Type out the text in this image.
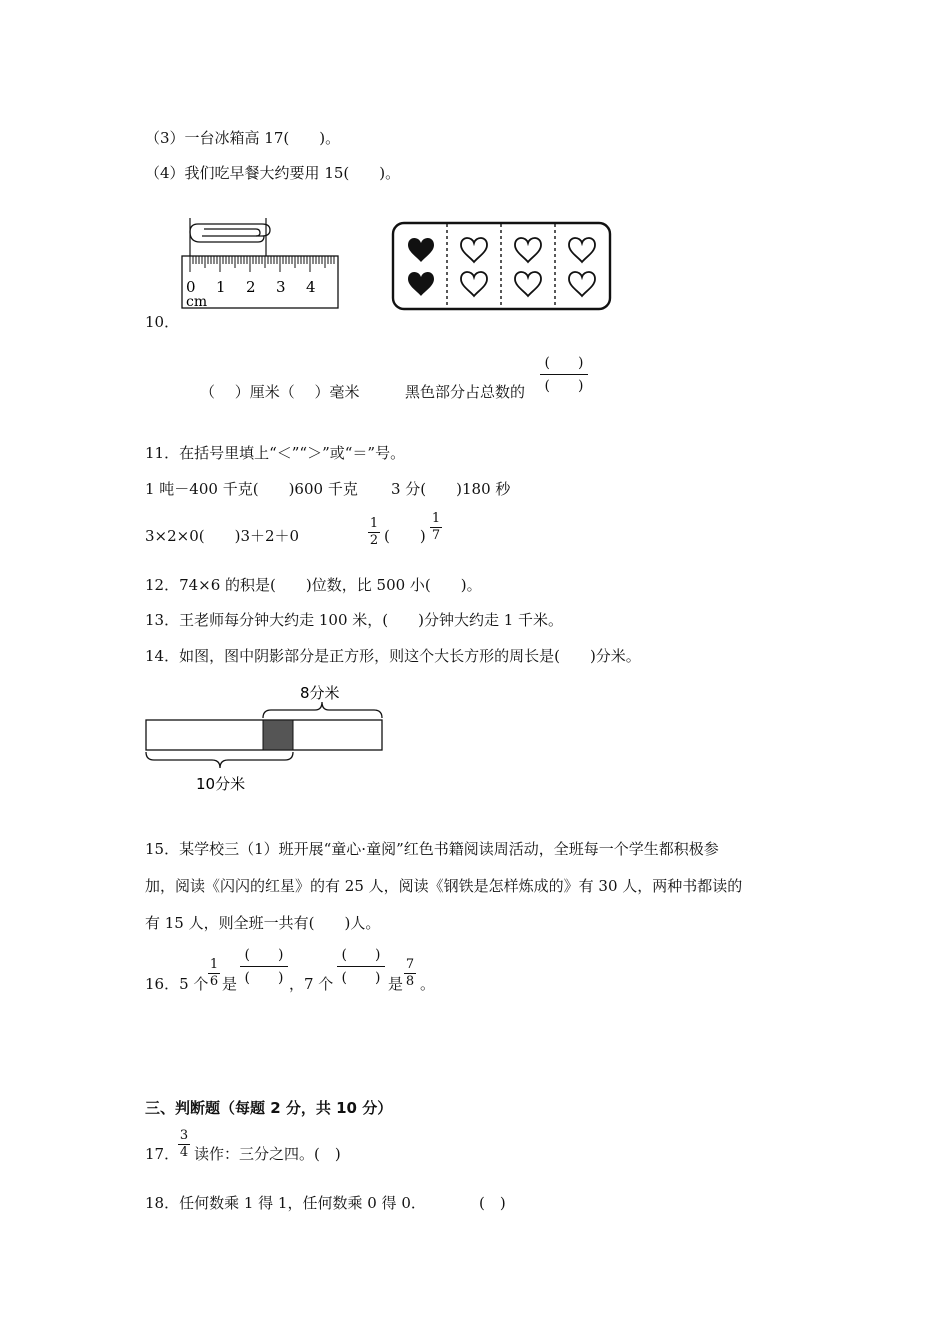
（3）一台冰箱高 17(　　)。
（4）我们吃早餐大约要用 15(　　)。
0 1 2 3 4
cm
10．
（　 ）厘米（　 ）毫米	黑色部分占总数的
(　　)
(　　)
11．在括号里填上“＜”“＞”或“＝”号。
1 吨－400 千克(　　)600 千克 3 分(　　)180 秒
3×2×0(　　)3＋2＋0
1
2 (　　)
1
7
12．74×6 的积是(　　)位数，比 500 小(　　)。
13．王老师每分钟大约走 100 米，(　　)分钟大约走 1 千米。
14．如图，图中阴影部分是正方形，则这个大长方形的周长是(　　)分米。
8分米
10分米
15．某学校三（1）班开展“童心·童阅”红色书籍阅读周活动，全班每一个学生都积极参
加，阅读《闪闪的红星》的有 25 人，阅读《钢铁是怎样炼成的》有 30 人，两种书都读的
有 15 人，则全班一共有(　　)人。
16．5 个
1
6 是
(　　)
(　　) ，7 个
(　　)
(　　) 是
7
8 。
三、判断题（每题 2 分，共 10 分）
17．
3
4 读作：三分之四。(　)
18．任何数乘 1 得 1，任何数乘 0 得 0．	(　)
